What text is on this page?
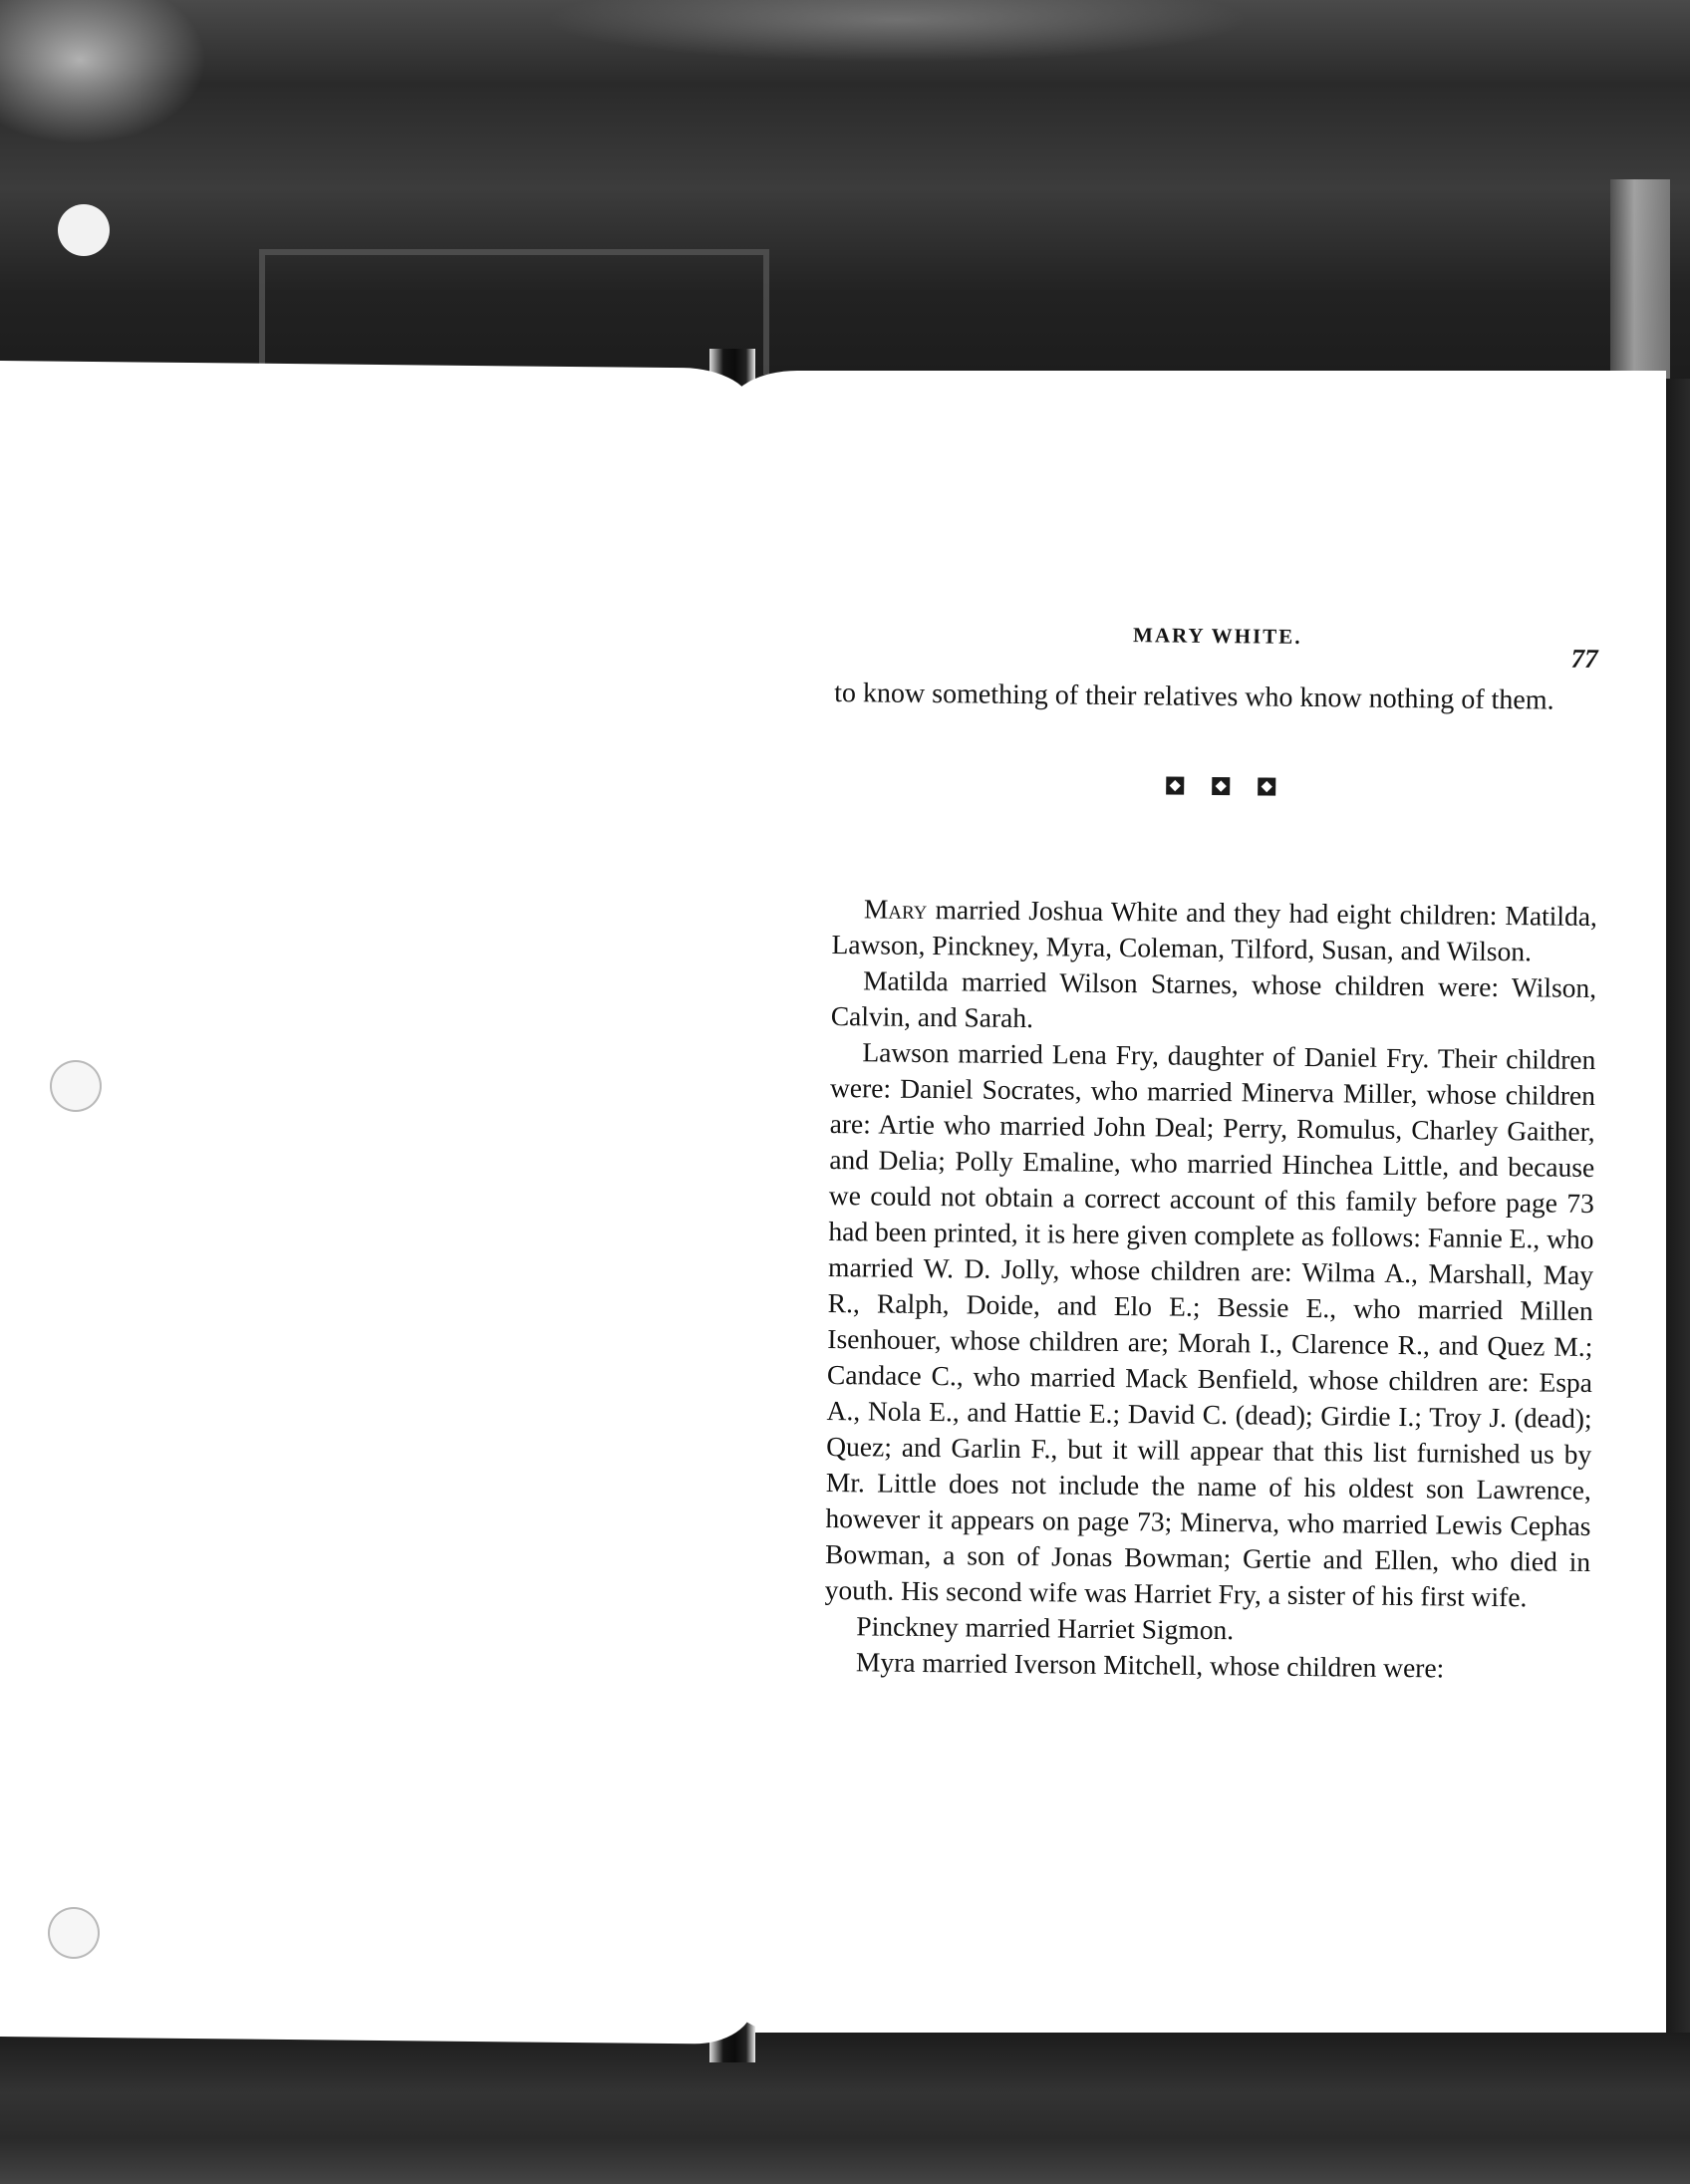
MARY WHITE.
77

to know something of their relatives who know nothing of them.

Mary married Joshua White and they had eight children: Matilda, Lawson, Pinckney, Myra, Coleman, Tilford, Susan, and Wilson.

Matilda married Wilson Starnes, whose children were: Wilson, Calvin, and Sarah.

Lawson married Lena Fry, daughter of Daniel Fry. Their children were: Daniel Socrates, who married Minerva Miller, whose children are: Artie who married John Deal; Perry, Romulus, Charley Gaither, and Delia; Polly Emaline, who married Hinchea Little, and because we could not obtain a correct account of this family before page 73 had been printed, it is here given complete as follows: Fannie E., who married W. D. Jolly, whose children are: Wilma A., Marshall, May R., Ralph, Doide, and Elo E.; Bessie E., who married Millen Isenhouer, whose children are; Morah I., Clarence R., and Quez M.; Candace C., who married Mack Benfield, whose children are: Espa A., Nola E., and Hattie E.; David C. (dead); Girdie I.; Troy J. (dead); Quez; and Garlin F., but it will appear that this list furnished us by Mr. Little does not include the name of his oldest son Lawrence, however it appears on page 73; Minerva, who married Lewis Cephas Bowman, a son of Jonas Bowman; Gertie and Ellen, who died in youth. His second wife was Harriet Fry, a sister of his first wife.

Pinckney married Harriet Sigmon.

Myra married Iverson Mitchell, whose children were:
